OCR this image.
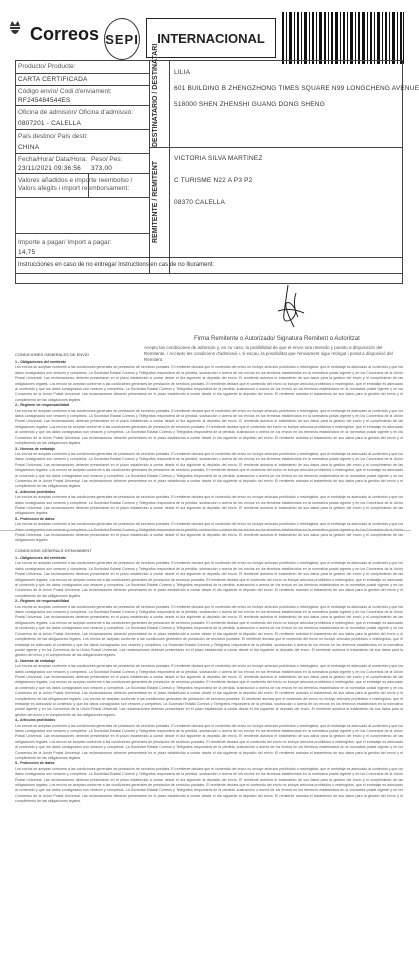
Correos SEPI	INTERNACIONAL
Producto/ Producte:
CARTA CERTIFICADA
Código envío/ Codi d'enviament:
RF245484544ES
Oficina de admisión/ Oficina d'admissió:
0807201 - CALELLA
País destino/ País desti:
CHINA
Fecha/Hora/ Data/Hora:
23/11/2021 09:36:56
Peso/ Pes:
373,00
Valores añadidos e importe reembolso / Valors afegits i import reemborsament:
Importe a pagar/ Import a pagar:
14,75
DESTINATARIO / DESTINATARI
REMITENTE / REMITENT
LILIA
601 BUILDING B ZHENGZHONG TIMES SQUARE N99 LONGCHENG AVENUE
518000 SHEN ZHENSHI GUANG DONG SHENG
VICTORIA SILVA MARTINEZ
C TURISME N22 A P3 P2
08370 CALELLA
Instrucciones en caso de no entrega/ Instructions en cas de no lliurament:
Firma Remitente o Autorizado/ Signatura Remitent o Autoritzat
Acepto las condiciones de admisión y, en su caso, la posibilidad de que el envío sea retenido y puesto a disposición del Remitente. / Accepto les condicions d'admissió i, si escau, la possibilitat que l'enviament sigui retingut i posat a disposició del Remitent.
CONDICIONES GENERALES DE ENVÍO
1.- Obligaciones del remitente
Los envíos se aceptan conforme a las condiciones generales de prestación de servicios postales. El remitente declara que el contenido del envío no incluye artículos prohibidos o restringidos, que el embalaje es adecuado al contenido y que los datos consignados son veraces y completos. La Sociedad Estatal Correos y Telégrafos responderá de la pérdida, sustracción o avería de los envíos en los términos establecidos en la normativa postal vigente y en los Convenios de la Unión Postal Universal. Las reclamaciones deberán presentarse en el plazo establecido a contar desde el día siguiente al depósito del envío. El remitente autoriza el tratamiento de sus datos para la gestión del envío y el cumplimiento de las obligaciones legales. Los envíos se aceptan conforme a las condiciones generales de prestación de servicios postales. El remitente declara que el contenido del envío no incluye artículos prohibidos o restringidos, que el embalaje es adecuado al contenido y que los datos consignados son veraces y completos. La Sociedad Estatal Correos y Telégrafos responderá de la pérdida, sustracción o avería de los envíos en los términos establecidos en la normativa postal vigente y en los Convenios de la Unión Postal Universal. Las reclamaciones deberán presentarse en el plazo establecido a contar desde el día siguiente al depósito del envío. El remitente autoriza el tratamiento de sus datos para la gestión del envío y el cumplimiento de las obligaciones legales.
2.- Régimen de responsabilidad
Los envíos se aceptan conforme a las condiciones generales de prestación de servicios postales. El remitente declara que el contenido del envío no incluye artículos prohibidos o restringidos, que el embalaje es adecuado al contenido y que los datos consignados son veraces y completos. La Sociedad Estatal Correos y Telégrafos responderá de la pérdida, sustracción o avería de los envíos en los términos establecidos en la normativa postal vigente y en los Convenios de la Unión Postal Universal. Las reclamaciones deberán presentarse en el plazo establecido a contar desde el día siguiente al depósito del envío. El remitente autoriza el tratamiento de sus datos para la gestión del envío y el cumplimiento de las obligaciones legales. Los envíos se aceptan conforme a las condiciones generales de prestación de servicios postales. El remitente declara que el contenido del envío no incluye artículos prohibidos o restringidos, que el embalaje es adecuado al contenido y que los datos consignados son veraces y completos. La Sociedad Estatal Correos y Telégrafos responderá de la pérdida, sustracción o avería de los envíos en los términos establecidos en la normativa postal vigente y en los Convenios de la Unión Postal Universal. Las reclamaciones deberán presentarse en el plazo establecido a contar desde el día siguiente al depósito del envío. El remitente autoriza el tratamiento de sus datos para la gestión del envío y el cumplimiento de las obligaciones legales.
3.- Normas de embalaje
Los envíos se aceptan conforme a las condiciones generales de prestación de servicios postales. El remitente declara que el contenido del envío no incluye artículos prohibidos o restringidos, que el embalaje es adecuado al contenido y que los datos consignados son veraces y completos. La Sociedad Estatal Correos y Telégrafos responderá de la pérdida, sustracción o avería de los envíos en los términos establecidos en la normativa postal vigente y en los Convenios de la Unión Postal Universal. Las reclamaciones deberán presentarse en el plazo establecido a contar desde el día siguiente al depósito del envío. El remitente autoriza el tratamiento de sus datos para la gestión del envío y el cumplimiento de las obligaciones legales. Los envíos se aceptan conforme a las condiciones generales de prestación de servicios postales. El remitente declara que el contenido del envío no incluye artículos prohibidos o restringidos, que el embalaje es adecuado al contenido y que los datos consignados son veraces y completos. La Sociedad Estatal Correos y Telégrafos responderá de la pérdida, sustracción o avería de los envíos en los términos establecidos en la normativa postal vigente y en los Convenios de la Unión Postal Universal. Las reclamaciones deberán presentarse en el plazo establecido a contar desde el día siguiente al depósito del envío. El remitente autoriza el tratamiento de sus datos para la gestión del envío y el cumplimiento de las obligaciones legales.
4.- Artículos prohibidos
Los envíos se aceptan conforme a las condiciones generales de prestación de servicios postales. El remitente declara que el contenido del envío no incluye artículos prohibidos o restringidos, que el embalaje es adecuado al contenido y que los datos consignados son veraces y completos. La Sociedad Estatal Correos y Telégrafos responderá de la pérdida, sustracción o avería de los envíos en los términos establecidos en la normativa postal vigente y en los Convenios de la Unión Postal Universal. Las reclamaciones deberán presentarse en el plazo establecido a contar desde el día siguiente al depósito del envío. El remitente autoriza el tratamiento de sus datos para la gestión del envío y el cumplimiento de las obligaciones legales.
5.- Protección de datos
Los envíos se aceptan conforme a las condiciones generales de prestación de servicios postales. El remitente declara que el contenido del envío no incluye artículos prohibidos o restringidos, que el embalaje es adecuado al contenido y que los Postal Universal. Las reclamaciones deberán presentarse en el plazo establecido a contar desde el día siguiente al depósito del envío. El remitente autoriza el tratamiento de sus datos para la gestión del envío y el cumplimiento de las obligaciones legales.
CONDICIONS GENERALS D'ENVIAMENT
1.- Obligaciones del remitente
Los envíos se aceptan conforme a las condiciones generales de prestación de servicios postales. El remitente declara que el contenido del envío no incluye artículos prohibidos o restringidos, que el embalaje es adecuado al contenido y que los datos consignados son veraces y completos. La Sociedad Estatal Correos y Telégrafos responderá de la pérdida, sustracción o avería de los envíos en los términos establecidos en la normativa postal vigente y en los Convenios de la Unión Postal Universal. Las reclamaciones deberán presentarse en el plazo establecido a contar desde el día siguiente al depósito del envío. El remitente autoriza el tratamiento de sus datos para la gestión del envío y el cumplimiento de las obligaciones legales. Los envíos se aceptan conforme a las condiciones generales de prestación de servicios postales. El remitente declara que el contenido del envío no incluye artículos prohibidos o restringidos, que el embalaje es adecuado al contenido y que los datos consignados son veraces y completos. La Sociedad Estatal Correos y Telégrafos responderá de la pérdida, sustracción o avería de los envíos en los términos establecidos en la normativa postal vigente y en los Convenios de la Unión Postal Universal. Las reclamaciones deberán presentarse en el plazo establecido a contar desde el día siguiente al depósito del envío. El remitente autoriza el tratamiento de sus datos para la gestión del envío y el cumplimiento de las obligaciones legales.
2.- Régimen de responsabilidad
Los envíos se aceptan conforme a las condiciones generales de prestación de servicios postales. El remitente declara que el contenido del envío no incluye artículos prohibidos o restringidos, que el embalaje es adecuado al contenido y que los datos consignados son veraces y completos. La Sociedad Estatal Correos y Telégrafos responderá de la pérdida, sustracción o avería de los envíos en los términos establecidos en la normativa postal vigente y en los Convenios de la Unión Postal Universal. Las reclamaciones deberán presentarse en el plazo establecido a contar desde el día siguiente al depósito del envío. El remitente autoriza el tratamiento de sus datos para la gestión del envío y el cumplimiento de las obligaciones legales. Los envíos se aceptan conforme a las condiciones generales de prestación de servicios postales. El remitente declara que el contenido del envío no incluye artículos prohibidos o restringidos, que el embalaje es adecuado al contenido y que los datos consignados son veraces y completos. La Sociedad Estatal Correos y Telégrafos responderá de la pérdida, sustracción o avería de los envíos en los términos establecidos en la normativa postal vigente y en los Convenios de la Unión Postal Universal. Las reclamaciones deberán presentarse en el plazo establecido a contar desde el día siguiente al depósito del envío. El remitente autoriza el tratamiento de sus datos para la gestión del envío y el cumplimiento de las obligaciones legales. Los envíos se aceptan conforme a las condiciones generales de prestación de servicios postales. El remitente declara que el contenido del envío no incluye artículos prohibidos o restringidos, que el embalaje es adecuado al contenido y que los datos consignados son veraces y completos. La Sociedad Estatal Correos y Telégrafos responderá de la pérdida, sustracción o avería de los envíos en los términos establecidos en la normativa postal vigente y en los Convenios de la Unión Postal Universal. Las reclamaciones deberán presentarse en el plazo establecido a contar desde el día siguiente al depósito del envío. El remitente autoriza el tratamiento de sus datos para la gestión del envío y el cumplimiento de las obligaciones legales.
3.- Normas de embalaje
Los envíos se aceptan conforme a las condiciones generales de prestación de servicios postales. El remitente declara que el contenido del envío no incluye artículos prohibidos o restringidos, que el embalaje es adecuado al contenido y que los datos consignados son veraces y completos. La Sociedad Estatal Correos y Telégrafos responderá de la pérdida, sustracción o avería de los envíos en los términos establecidos en la normativa postal vigente y en los Convenios de la Unión Postal Universal. Las reclamaciones deberán presentarse en el plazo establecido a contar desde el día siguiente al depósito del envío. El remitente autoriza el tratamiento de sus datos para la gestión del envío y el cumplimiento de las obligaciones legales. Los envíos se aceptan conforme a las condiciones generales de prestación de servicios postales. El remitente declara que el contenido del envío no incluye artículos prohibidos o restringidos, que el embalaje es adecuado al contenido y que los datos consignados son veraces y completos. La Sociedad Estatal Correos y Telégrafos responderá de la pérdida, sustracción o avería de los envíos en los términos establecidos en la normativa postal vigente y en los Convenios de la Unión Postal Universal. Las reclamaciones deberán presentarse en el plazo establecido a contar desde el día siguiente al depósito del envío. El remitente autoriza el tratamiento de sus datos para la gestión del envío y el cumplimiento de las obligaciones legales. Los envíos se aceptan conforme a las condiciones generales de prestación de servicios postales. El remitente declara que el contenido del envío no incluye artículos prohibidos o restringidos, que el embalaje es adecuado al contenido y que los datos consignados son veraces y completos. La Sociedad Estatal Correos y Telégrafos responderá de la pérdida, sustracción o avería de los envíos en los términos establecidos en la normativa postal vigente y en los Convenios de la Unión Postal Universal. Las reclamaciones deberán presentarse en el plazo establecido a contar desde el día siguiente al depósito del envío. El remitente autoriza el tratamiento de sus datos para la gestión del envío y el cumplimiento de las obligaciones legales.
4.- Artículos prohibidos
Los envíos se aceptan conforme a las condiciones generales de prestación de servicios postales. El remitente declara que el contenido del envío no incluye artículos prohibidos o restringidos, que el embalaje es adecuado al contenido y que los datos consignados son veraces y completos. La Sociedad Estatal Correos y Telégrafos responderá de la pérdida, sustracción o avería de los envíos en los términos establecidos en la normativa postal vigente y en los Convenios de la Unión Postal Universal. Las reclamaciones deberán presentarse en el plazo establecido a contar desde el día siguiente al depósito del envío. El remitente autoriza el tratamiento de sus datos para la gestión del envío y el cumplimiento de las obligaciones legales. Los envíos se aceptan conforme a las condiciones generales de prestación de servicios postales. El remitente declara que el contenido del envío no incluye artículos prohibidos o restringidos, que el embalaje es adecuado al contenido y que los datos consignados son veraces y completos. La Sociedad Estatal Correos y Telégrafos responderá de la pérdida, sustracción o avería de los envíos en los términos establecidos en la normativa postal vigente y en los Convenios de la Unión Postal Universal. Las reclamaciones deberán presentarse en el plazo establecido a contar desde el día siguiente al depósito del envío. El remitente autoriza el tratamiento de sus datos para la gestión del envío y el cumplimiento de las obligaciones legales.
5.- Protección de datos
Los envíos se aceptan conforme a las condiciones generales de prestación de servicios postales. El remitente declara que el contenido del envío no incluye artículos prohibidos o restringidos, que el embalaje es adecuado al contenido y que los datos consignados son veraces y completos. La Sociedad Estatal Correos y Telégrafos responderá de la pérdida, sustracción o avería de los envíos en los términos establecidos en la normativa postal vigente y en los Convenios de la Unión Postal Universal. Las reclamaciones deberán presentarse en el plazo establecido a contar desde el día siguiente al depósito del envío. El remitente autoriza el tratamiento de sus datos para la gestión del envío y el cumplimiento de las obligaciones legales. Los envíos se aceptan conforme a las condiciones generales de prestación de servicios postales. El remitente declara que el contenido del envío no incluye artículos prohibidos o restringidos, que el embalaje es adecuado al contenido y que los datos consignados son veraces y completos. La Sociedad Estatal Correos y Telégrafos responderá de la pérdida, sustracción o avería de los envíos en los términos establecidos en la normativa postal vigente y en los Convenios de la Unión Postal Universal. Las reclamaciones deberán presentarse en el plazo establecido a contar desde el día siguiente al depósito del envío. El remitente autoriza el tratamiento de sus datos para la gestión del envío y el cumplimiento de las obligaciones legales.
